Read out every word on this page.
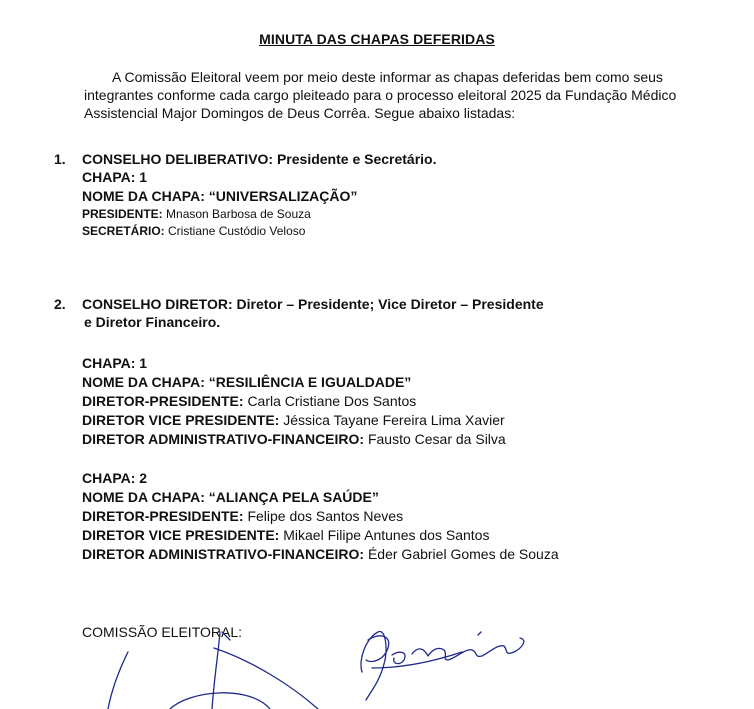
MINUTA DAS CHAPAS DEFERIDAS

A Comissão Eleitoral veem por meio deste informar as chapas deferidas bem como seus integrantes conforme cada cargo pleiteado para o processo eleitoral 2025 da Fundação Médico Assistencial Major Domingos de Deus Corrêa. Segue abaixo listadas:

1. CONSELHO DELIBERATIVO: Presidente e Secretário.
CHAPA: 1
NOME DA CHAPA: “UNIVERSALIZAÇÃO”
PRESIDENTE: Mnason Barbosa de Souza
SECRETÁRIO: Cristiane Custódio Veloso
2. CONSELHO DIRETOR: Diretor – Presidente; Vice Diretor – Presidente
e Diretor Financeiro.
CHAPA: 1
NOME DA CHAPA: “RESILIÊNCIA E IGUALDADE”
DIRETOR-PRESIDENTE: Carla Cristiane Dos Santos
DIRETOR VICE PRESIDENTE: Jéssica Tayane Fereira Lima Xavier
DIRETOR ADMINISTRATIVO-FINANCEIRO: Fausto Cesar da Silva
CHAPA: 2
NOME DA CHAPA: “ALIANÇA PELA SAÚDE”
DIRETOR-PRESIDENTE: Felipe dos Santos Neves
DIRETOR VICE PRESIDENTE: Mikael Filipe Antunes dos Santos
DIRETOR ADMINISTRATIVO-FINANCEIRO: Éder Gabriel Gomes de Souza
COMISSÃO ELEITORAL:
